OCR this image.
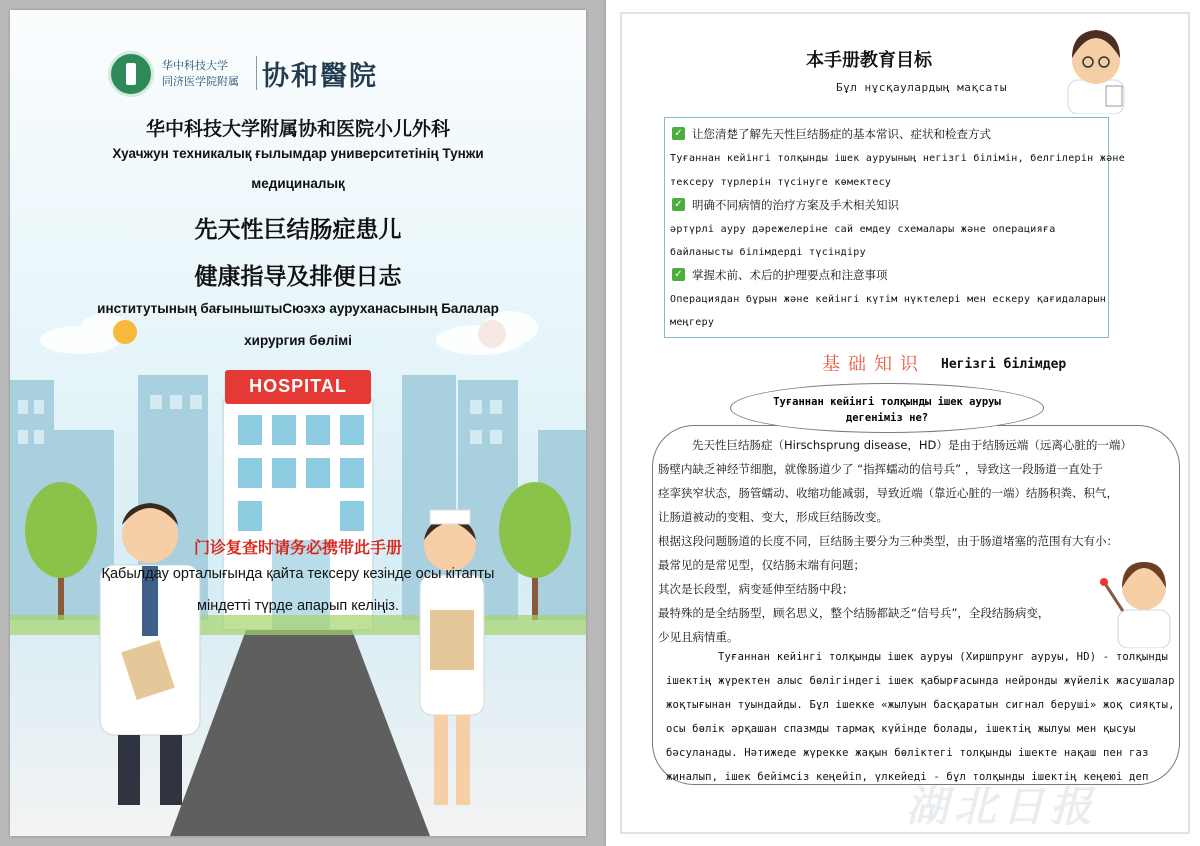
华中科技大学
同济医学院附属 协和醫院
华中科技大学附属协和医院小儿外科
Хуачжун техникалық ғылымдар университетінің Тунжи
медициналық
先天性巨结肠症患儿
健康指导及排便日志
институтының бағыныштыСюэхэ ауруханасының Балалар
хирургия бөлімі
HOSPITAL
门诊复查时请务必携带此手册
Қабылдау орталығында қайта тексеру кезінде осы кітапты
міндетті түрде апарып келіңіз.
本手册教育目标
Бұл нұсқаулардың мақсаты
✓ 让您清楚了解先天性巨结肠症的基本常识、症状和检查方式
Туғаннан кейінгі толқынды ішек ауруының негізгі білімін, белгілерін және
тексеру түрлерін түсінуге көмектесу
✓ 明确不同病情的治疗方案及手术相关知识
әртүрлі ауру дәрежелеріне сай емдеу схемалары және операцияға
байланысты білімдерді түсіндіру
✓ 掌握术前、术后的护理要点和注意事项
Операциядан бұрын және кейінгі күтім нүктелері мен ескеру қағидаларын
меңгеру
基础知识 Негізгі білімдер
Туғаннан кейінгі толқынды ішек ауруы
дегеніміз не?
先天性巨结肠症（Hirschsprung disease，HD）是由于结肠远端（远离心脏的一端）
肠壁内缺乏神经节细胞，就像肠道少了 “指挥蠕动的信号兵” ，导致这一段肠道一直处于
痉挛狭窄状态，肠管蠕动、收缩功能减弱，导致近端（靠近心脏的一端）结肠积粪、积气，
让肠道被动的变粗、变大，形成巨结肠改变。
根据这段问题肠道的长度不同，巨结肠主要分为三种类型，由于肠道堵塞的范围有大有小：
最常见的是常见型，仅结肠末端有问题；
其次是长段型，病变延伸至结肠中段；
最特殊的是全结肠型，顾名思义，整个结肠都缺乏“信号兵”，全段结肠病变，
少见且病情重。
Туғаннан кейінгі толқынды ішек ауруы (Хиршпрунг ауруы, HD) - толқынды
ішектің жүректен алыс бөлігіндегі ішек қабырғасында нейронды жүйелік жасушалар
жоқтығынан туындайды. Бұл ішекке «жылуын басқаратын сигнал беруші» жоқ сияқты,
осы бөлік әрқашан спазмды тармақ күйінде болады, ішектің жылуы мен қысуы
бәсуланады. Нәтижеде жүрекке жақын бөліктегі толқынды ішекте нақаш пен газ
жиналып, ішек бейімсіз кеңейіп, үлкейеді - бұл толқынды ішектің кеңеюі деп
湖北日报
